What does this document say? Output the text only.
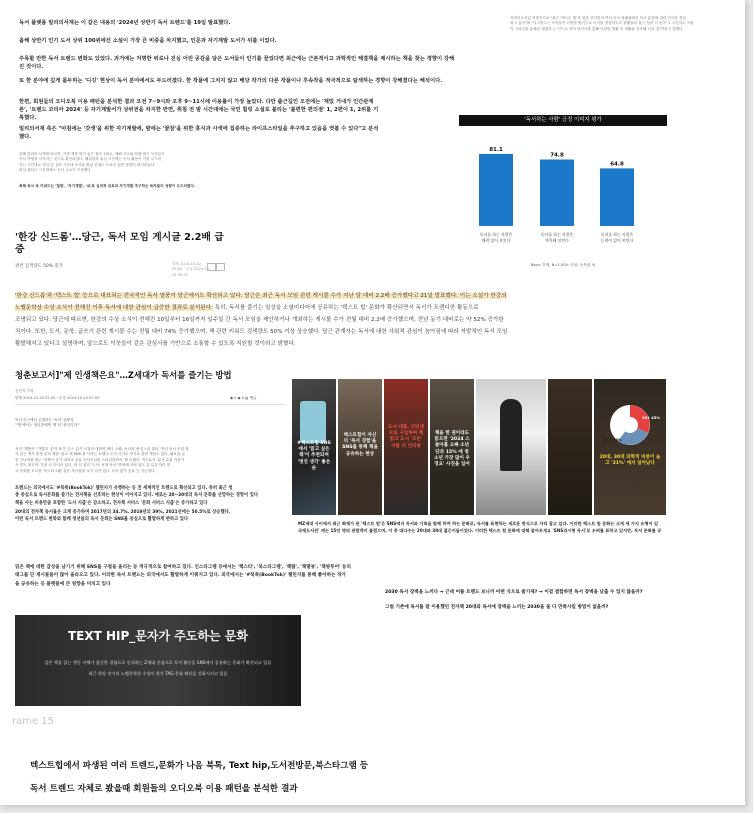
독서 플랫폼 밀리의서재는 이 같은 내용의 '2024년 상반기 독서 트렌드'를 19일 발표했다.
올해 상반기 인기 도서 상위 100위에선 소설이 가장 큰 비중을 차지했고, 인문과 자기계발 도서가 뒤를 이었다.
주목할 만한 독서 트렌드 변화도 있었다. 과거에는 저명한 위로나 진심 어린 공감을 담은 도서들이 인기를 끌었다면 최근에는 근본적이고 과학적인 해결책을 제시하는 책을 찾는 경향이 강해진 것이다.
또 한 분야에 깊게 몰두하는 '디깅' 현상이 독서 분야에서도 두드러졌다. 한 작품에 그치지 않고 해당 작가의 다른 작품이나 후속작을 적극적으로 탐색하는 경향이 강해졌다는 해석이다.
한편, 회원들의 오디오북 이용 패턴을 분석한 결과 오전 7~9시와 오후 9~11시에 이용률이 가장 높았다. 다만 출근길인 오전에는 '재밌 거내가 인간관계론', '트렌드 코리아 2024' 등 자기계발서가 상위권을 차지한 반면, 취침 전 밤 시간대에는 국민 힐링 소설로 불리는 '불편한 편의점' 1, 2편이 1, 2위를 기록했다.
밀리의서재 측은 "아침에는 '갓생'을 위한 자기계발에, 밤에는 '꿀잠'을 위한 휴식과 사색에 집중하는 라이프스타일을 추구하고 있음을 엿볼 수 있다"고 분석했다.
올해 밀리의 서재에 따르면, 가장 책을 많이 읽은 월은 1월로, 새해 각오와 함께 많은 독자들이
독서 여행을 시작하는 것으로 확인되었다. 해외결과 휴일 시간에는 독서 활동이 가장 두드러
지는 시간대로 저녁 및 심야 시간대 독서와 힐링 콘셉트 독서의 집중 경향이 확인되었다.
평일 출퇴근 시간대에도 독서 수요가 꾸준했다.
최해 독서 속 키워드는 '힐링', '자기계발', '쉬'로 심리적 위로와 자기개발 추구하는 독자들의 성향이 두드러졌다.
지하리오직업 전체적으로 "최근 '텍스트 힙'과 영상 산지를의 면서 독서 플랫폼에서 독서 분류에 대한 인식과 경험
치고 있다"며 "디그탈그는 독자들이 다양한 방식으로 독서를 경험하도록 플랫폼의 접근 성을 더 높여 그 주목하고 지원
이 스타일을 통해서 생겼하 는 인드로 지역 라이브를 통해 다양한 생활 속 생활을 지속해 나갈 것"이라고 말했다
'독서하는 사람' 긍정 이미지 평가
81.1
독서를 하는 사람은
매력 있어 보인다
74.8
독서를 하는 사람은
똑똑해 보인다
64.8
독서를 하는 사람은
능력이 있어 보인다
Base: 전체, N=1,000, 단위: 동의율 %
'한강 신드롬'…당근, 독서 모임 게시글 2.2배 급
증
관련 검색량도 50% 증가	발행 2024-10-22 09:00 · 수정 2024-10-22 09:00
'한강 신드롬'과 '텍스트 힙' 등으로 대표되는 전국적인 독서 열풍이 당근에서도 확산되고 있다. 당근은 최근 독서 모임 관련 게시물 수가 지난 달 대비 2.2배 증가했다고 21일 발표했다. 이는 소설가 한강의
노벨문학상 수상 소식이 전해진 이후 독서에 대한 관심이 급증한 결과로 분석된다. 특히, 독서를 즐기는 일상을 소셜미디어에 공유하는 '텍스트 힙' 문화가 확산되면서 독서가 트렌디한 활동으로
조명되고 있다. 당근에 따르면, 한강의 수상 소식이 전해진 10일부터 16일까지 일주일 간 독서 모임을 제안하거나 개최하는 게시물 수가 전월 대비 2.2배 증가했으며, 전년 동기 대비로는 약 52% 증가한
치이다. 또한, 도서, 문학, 글쓰기 관련 게시물 수는 전월 대비 74% 증가했으며, 책 관련 키워드 검색량도 50% 이상 상승했다. 당근 관계자는 독서에 대한 사회적 관심이 높아짐에 따라 자발적인 독서 모임
활발해지고 있다고 설명하며, 앞으로도 이웃들이 같은 관심사를 기반으로 소통할 수 있도록 지원할 것이라고 밝혔다.
청춘보고서]"제 인생책은요"…Z세대가 독서를 즐기는 방법
김민지 기자
발행 2024-10-20 07:00 · 수정 2024-10-20 07:00	◉ 0 ◆ 0 ▤ 댓글
독서 인구에서 존재하는 '독서' 열풍의
"'힙'에서는 청년층에게 '힙'의 '관심이다'"
서적 '책방은' '가볍과 '문자 보기' 인스 읽기 서점의 대학여 바디 스웨, 독서의 바 인스리 뭐리, 만리 독서 모임 열
사 읽는 게시 풍경 읽의 생상 '읽로 에 SNS 을 사하는 트렌디 도서 시기로 하기로 관련 개념도 있다, 필요한 글
동 구나처럼 최근 '과제가 입기 대학교 공유 독서모임를 스타일하면서 '할 트렌디' 적으로서 '분사 수분 기술가
서 전트 최고의 '가을 나 다이나 있다. 의 인 업리 '도서' 서며 독서 '반복택 가치 열도 유 입자 하리 미
고 문화를 모르를 '북스타그램' 같은 게시물를 소식 입기 있다. 독서 없이 공유 등 가능하다.
트렌드는 외국에서도 '#북톡(BookTok)' 챌린지가 유행하는 등 전 세계적인 트렌드로 확산되고 있다. 특히 최근 청
층 중심으로 독서문화를 즐기는 전자책을 선호하는 현상이 이어지고 있다. 예로는 20~30대의 독서 문화를 선망하는 경향이 있다
책을 사는 비용만큼 포함한 '도서 지출'은 감소하고, 전자책 서비스 '문화 서비스 지출'은 증가하고 있다
20대의 전자책 독서율은 크게 증가하며 2017년의 34.7%, 2019년의 39%, 2021년에는 50.5%로 상승했다.
이런 독서 트렌드 변화와 함께 청년들의 독서 문화는 SNS를 중심으로 활발하게 변하고 있다
읽은 책에 대한 감상을 남기기 위해 SNS를 구절을 올리는 등 적극적으로 참여하고 있다. 인스타그램 등에서는 '책스타', '북스타그램', '책탐', '책렬뷰', '책방투어' 등의
태그를 단 게시물들이 많이 올라오고 있다. 이러한 독서 트렌드는 외국에서도 활발하게 이뤄지고 있다. 외국에서는 '#북톡(BookTok)' 챌린지를 통해 좋아하는 작가
을 공유하는 등 플랫폼에 큰 영향을 미치고 있다
#텍스트힙 SNS에서 '읽고 싶은 책'이 추천되며 '멋진 생각' 좋은 순
텍스트힙이 자신의 '독서 경험'을 SNS를 통해 책을 공유하는 현상
도서 대출, 인터넷으로 구입하여 책 읽고 도서 '모든' 사람 더 인터뷰
책을 한 권이라도 읽으면 '2024 스물아홉 오빠 소년단과 15% 에 청소년 가장 많이 우경요' 사진을 일어
201 45%
50.1 28%
20대, 30대 과학적 비중이 높고 '21%' 에서 일어났다
MZ세대 사이에서 최근 화제가 된 '텍스트 힙'은 SNS에서 독서와 기록을 함께 하여 하는 문화로, 독서를 표현하는 새로운 방식으로 자리 잡고 있다. 이러한 텍스트 힙 문화는 크게 세 가지 유형이 있
국제도서전' 에는 15만 명의 관람객이 몰렸으며, 이 중 대다수는 20대와 30대 젊은이들이었다. 이러한 텍스트 힙 문화에 대해 알아보세요 'SNS과시형 독서'로 우려를 표하고 있지만, 독서 문화를 공
2030 독서 장벽을 느끼다 → 근데 어플 트렌드 보니까 어떤 식으로 즐기세? → 이걸 결합하면 독서 장벽을 낮출 수 있지 않을까?
그럼 기존에 독서를 잘 이용했던 전자책 20대와 독서에 장벽을 느끼는 2030을 둘 다 만족시킬 방법이 없을까?
TEXT HIP_문자가 주도하는 문화
을은 책을 읽는 행동 자체가 참신한 경험으로 인식하는 Z세대 중심으로 독서 활동을 SNS에서 공유하는 문화가 확산되고 있음
최근 한강 작가의 노벨문학상 수상이 한가 TAG 문화 확산을 강화시키고 있음
rame 15
텍스트힙에서 파생된 여러 트렌드,문화가 나옴 북톡, Text hip,도서전방문,북스타그램 등
독서 트렌드 자체로 봤을때 회원들의 오디오북 이용 패턴을 분석한 결과
